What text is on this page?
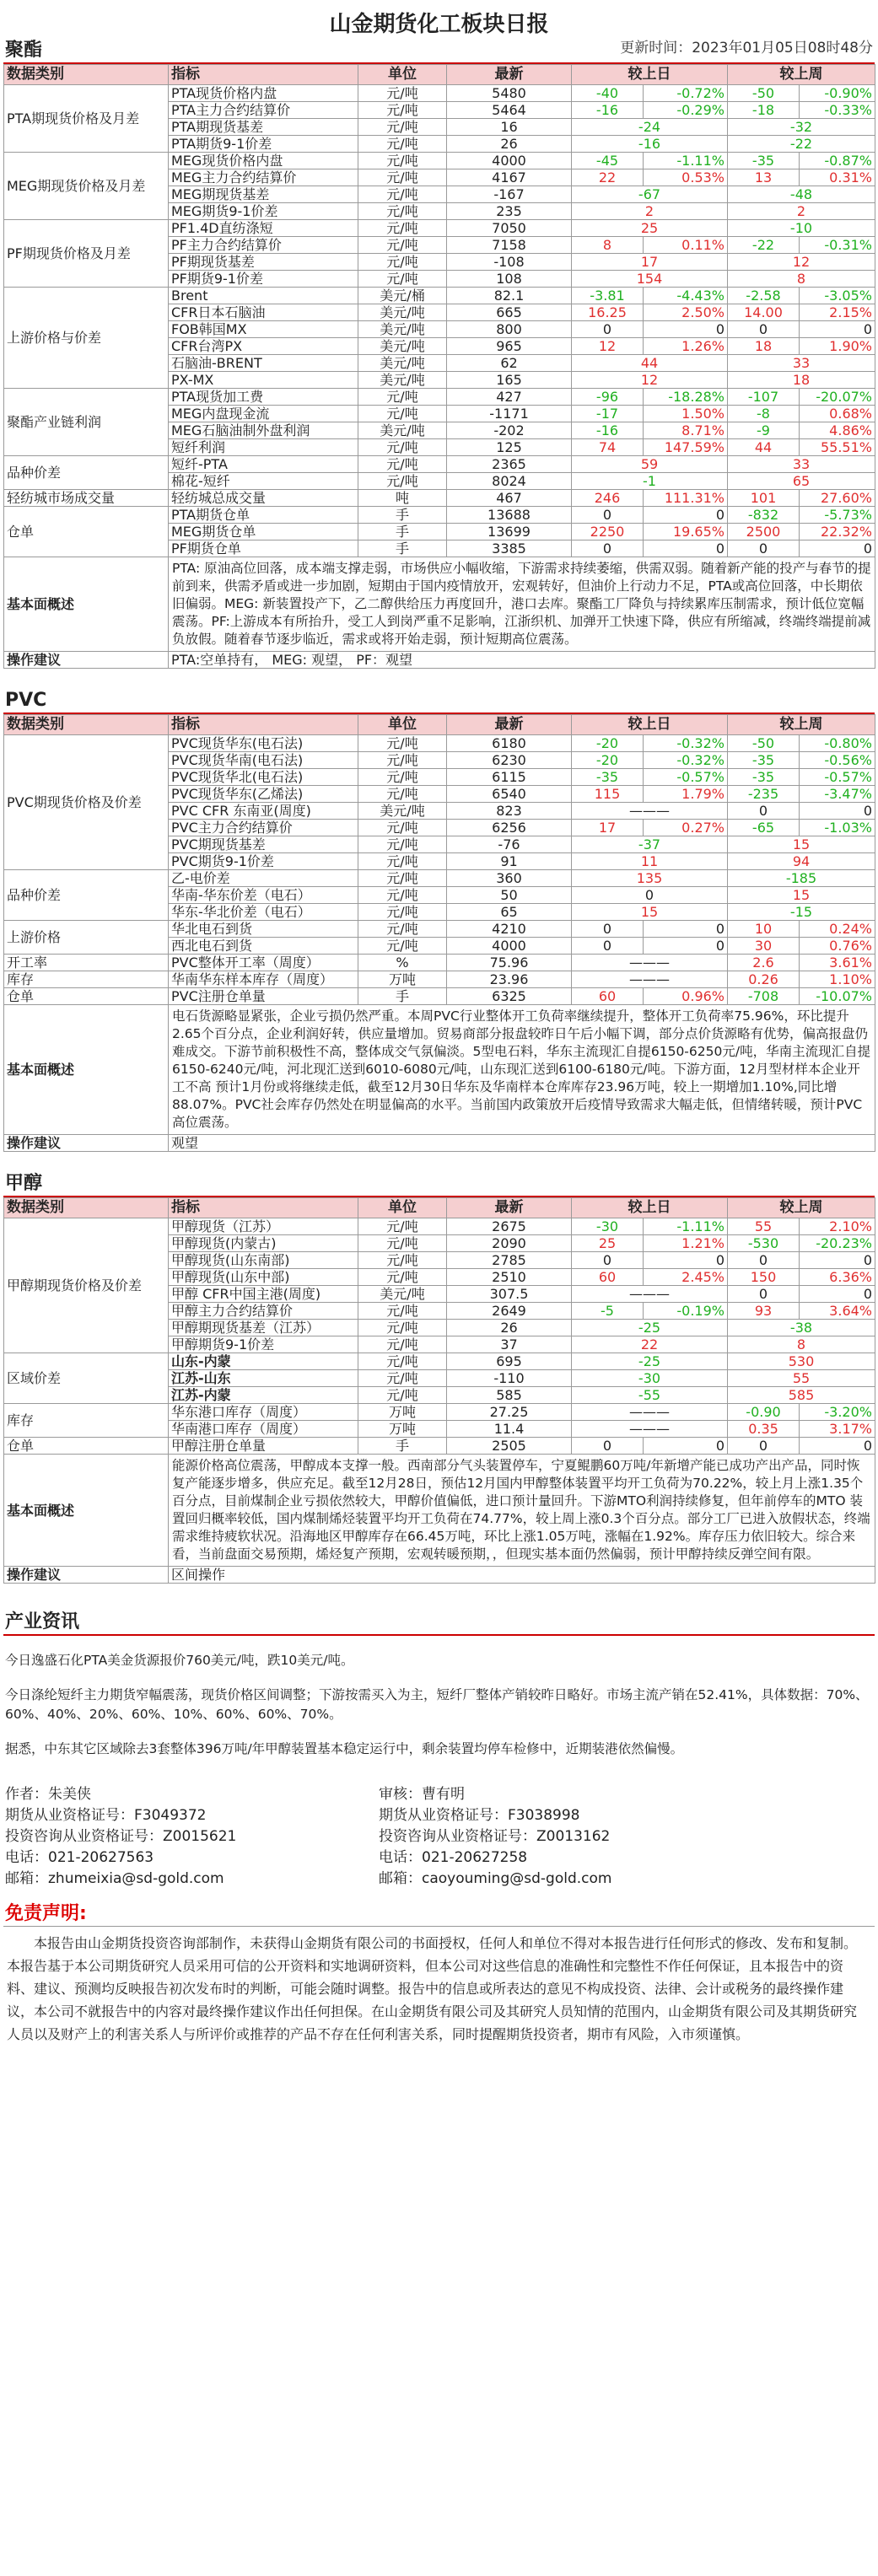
山金期货化工板块日报
更新时间：2023年01月05日08时48分
聚酯
数据类别	指标	单位	最新	较上日		较上周	
PTA期现货价格及月差	PTA现货价格内盘	元/吨	5480	-40	-0.72%	-50	-0.90%
	PTA主力合约结算价	元/吨	5464	-16	-0.29%	-18	-0.33%
	PTA期现货基差	元/吨	16	-24		-32	
	PTA期货9-1价差	元/吨	26	-16		-22	
MEG期现货价格及月差	MEG现货价格内盘	元/吨	4000	-45	-1.11%	-35	-0.87%
	MEG主力合约结算价	元/吨	4167	22	0.53%	13	0.31%
	MEG期现货基差	元/吨	-167	-67		-48	
	MEG期货9-1价差	元/吨	235	2		2	
PF期现货价格及月差	PF1.4D直纺涤短	元/吨	7050	25		-10	
	PF主力合约结算价	元/吨	7158	8	0.11%	-22	-0.31%
	PF期现货基差	元/吨	-108	17		12	
	PF期货9-1价差	元/吨	108	154		8	
上游价格与价差	Brent	美元/桶	82.1	-3.81	-4.43%	-2.58	-3.05%
	CFR日本石脑油	美元/吨	665	16.25	2.50%	14.00	2.15%
	FOB韩国MX	美元/吨	800	0	0	0	0
	CFR台湾PX	美元/吨	965	12	1.26%	18	1.90%
	石脑油-BRENT	美元/吨	62	44		33	
	PX-MX	美元/吨	165	12		18	
聚酯产业链利润	PTA现货加工费	元/吨	427	-96	-18.28%	-107	-20.07%
	MEG内盘现金流	元/吨	-1171	-17	1.50%	-8	0.68%
	MEG石脑油制外盘利润	美元/吨	-202	-16	8.71%	-9	4.86%
	短纤利润	元/吨	125	74	147.59%	44	55.51%
品种价差	短纤-PTA	元/吨	2365	59		33	
	棉花-短纤	元/吨	8024	-1		65	
轻纺城市场成交量	轻纺城总成交量	吨	467	246	111.31%	101	27.60%
仓单	PTA期货仓单	手	13688	0	0	-832	-5.73%
	MEG期货仓单	手	13699	2250	19.65%	2500	22.32%
	PF期货仓单	手	3385	0	0	0	0
基本面概述	PTA: 原油高位回落，成本端支撑走弱，市场供应小幅收缩，下游需求持续萎缩，供需双弱。随着新产能的投产与春节的提前到来，供需矛盾或进一步加剧，短期由于国内疫情放开，宏观转好，但油价上行动力不足，PTA或高位回落，中长期依旧偏弱。MEG: 新装置投产下，乙二醇供给压力再度回升，港口去库。聚酯工厂降负与持续累库压制需求，预计低位宽幅震荡。PF:上游成本有所抬升，受工人到岗严重不足影响，江浙织机、加弹开工快速下降，供应有所缩减，终端终端提前减负放假。随着春节逐步临近，需求或将开始走弱，预计短期高位震荡。						
操作建议	PTA:空单持有， MEG: 观望， PF：观望						
PVC
数据类别	指标	单位	最新	较上日		较上周	
PVC期现货价格及价差	PVC现货华东(电石法)	元/吨	6180	-20	-0.32%	-50	-0.80%
	PVC现货华南(电石法)	元/吨	6230	-20	-0.32%	-35	-0.56%
	PVC现货华北(电石法)	元/吨	6115	-35	-0.57%	-35	-0.57%
	PVC现货华东(乙烯法)	元/吨	6540	115	1.79%	-235	-3.47%
	PVC CFR 东南亚(周度)	美元/吨	823	———		0	0
	PVC主力合约结算价	元/吨	6256	17	0.27%	-65	-1.03%
	PVC期现货基差	元/吨	-76	-37		15	
	PVC期货9-1价差	元/吨	91	11		94	
品种价差	乙-电价差	元/吨	360	135		-185	
	华南-华东价差（电石）	元/吨	50	0		15	
	华东-华北价差（电石）	元/吨	65	15		-15	
上游价格	华北电石到货	元/吨	4210	0	0	10	0.24%
	西北电石到货	元/吨	4000	0	0	30	0.76%
开工率	PVC整体开工率（周度）	%	75.96	———		2.6	3.61%
库存	华南华东样本库存（周度）	万吨	23.96	———		0.26	1.10%
仓单	PVC注册仓单量	手	6325	60	0.96%	-708	-10.07%
基本面概述	电石货源略显紧张，企业亏损仍然严重。本周PVC行业整体开工负荷率继续提升，整体开工负荷率75.96%，环比提升2.65个百分点，企业利润好转，供应量增加。贸易商部分报盘较昨日午后小幅下调，部分点价货源略有优势，偏高报盘仍难成交。下游节前积极性不高，整体成交气氛偏淡。5型电石料，华东主流现汇自提6150-6250元/吨，华南主流现汇自提6150-6240元/吨，河北现汇送到6010-6080元/吨，山东现汇送到6100-6180元/吨。下游方面，12月型材样本企业开工不高 预计1月份或将继续走低，截至12月30日华东及华南样本仓库库存23.96万吨，较上一期增加1.10%,同比增88.07%。PVC社会库存仍然处在明显偏高的水平。当前国内政策放开后疫情导致需求大幅走低，但情绪转暖，预计PVC高位震荡。						
操作建议	观望						
甲醇
数据类别	指标	单位	最新	较上日		较上周	
甲醇期现货价格及价差	甲醇现货（江苏）	元/吨	2675	-30	-1.11%	55	2.10%
	甲醇现货(内蒙古)	元/吨	2090	25	1.21%	-530	-20.23%
	甲醇现货(山东南部)	元/吨	2785	0	0	0	0
	甲醇现货(山东中部)	元/吨	2510	60	2.45%	150	6.36%
	甲醇 CFR中国主港(周度)	美元/吨	307.5	———		0	0
	甲醇主力合约结算价	元/吨	2649	-5	-0.19%	93	3.64%
	甲醇期现货基差（江苏）	元/吨	26	-25		-38	
	甲醇期货9-1价差	元/吨	37	22		8	
区域价差	山东-内蒙	元/吨	695	-25		530	
	江苏-山东	元/吨	-110	-30		55	
	江苏-内蒙	元/吨	585	-55		585	
库存	华东港口库存（周度）	万吨	27.25	———		-0.90	-3.20%
	华南港口库存（周度）	万吨	11.4	———		0.35	3.17%
仓单	甲醇注册仓单量	手	2505	0	0	0	0
基本面概述	能源价格高位震荡，甲醇成本支撑一般。西南部分气头装置停车，宁夏鲲鹏60万吨/年新增产能已成功产出产品，同时恢复产能逐步增多，供应充足。截至12月28日，预估12月国内甲醇整体装置平均开工负荷为70.22%，较上月上涨1.35个百分点，目前煤制企业亏损依然较大，甲醇价值偏低，进口预计量回升。下游MTO利润持续修复，但年前停车的MTO 装置回归概率较低，国内煤制烯烃装置平均开工负荷在74.77%，较上周上涨0.3个百分点。部分工厂已进入放假状态，终端需求维持疲软状况。沿海地区甲醇库存在66.45万吨，环比上涨1.05万吨，涨幅在1.92%。库存压力依旧较大。综合来看，当前盘面交易预期，烯烃复产预期，宏观转暖预期，，但现实基本面仍然偏弱，预计甲醇持续反弹空间有限。						
操作建议	区间操作						
产业资讯

今日逸盛石化PTA美金货源报价760美元/吨，跌10美元/吨。

今日涤纶短纤主力期货窄幅震荡，现货价格区间调整；下游按需买入为主，短纤厂整体产销较昨日略好。市场主流产销在52.41%，具体数据：70%、60%、40%、20%、60%、10%、60%、60%、70%。

据悉，中东其它区域除去3套整体396万吨/年甲醇装置基本稳定运行中，剩余装置均停车检修中，近期装港依然偏慢。

作者：朱美侠
期货从业资格证号：F3049372
投资咨询从业资格证号：Z0015621
电话：021-20627563
邮箱：zhumeixia@sd-gold.com
审核：曹有明
期货从业资格证号：F3038998
投资咨询从业资格证号：Z0013162
电话：021-20627258
邮箱：caoyouming@sd-gold.com
免责声明:
本报告由山金期货投资咨询部制作，未获得山金期货有限公司的书面授权，任何人和单位不得对本报告进行任何形式的修改、发布和复制。本报告基于本公司期货研究人员采用可信的公开资料和实地调研资料，但本公司对这些信息的准确性和完整性不作任何保证，且本报告中的资料、建议、预测均反映报告初次发布时的判断，可能会随时调整。报告中的信息或所表达的意见不构成投资、法律、会计或税务的最终操作建议，本公司不就报告中的内容对最终操作建议作出任何担保。在山金期货有限公司及其研究人员知情的范围内，山金期货有限公司及其期货研究人员以及财产上的利害关系人与所评价或推荐的产品不存在任何利害关系，同时提醒期货投资者，期市有风险，入市须谨慎。
